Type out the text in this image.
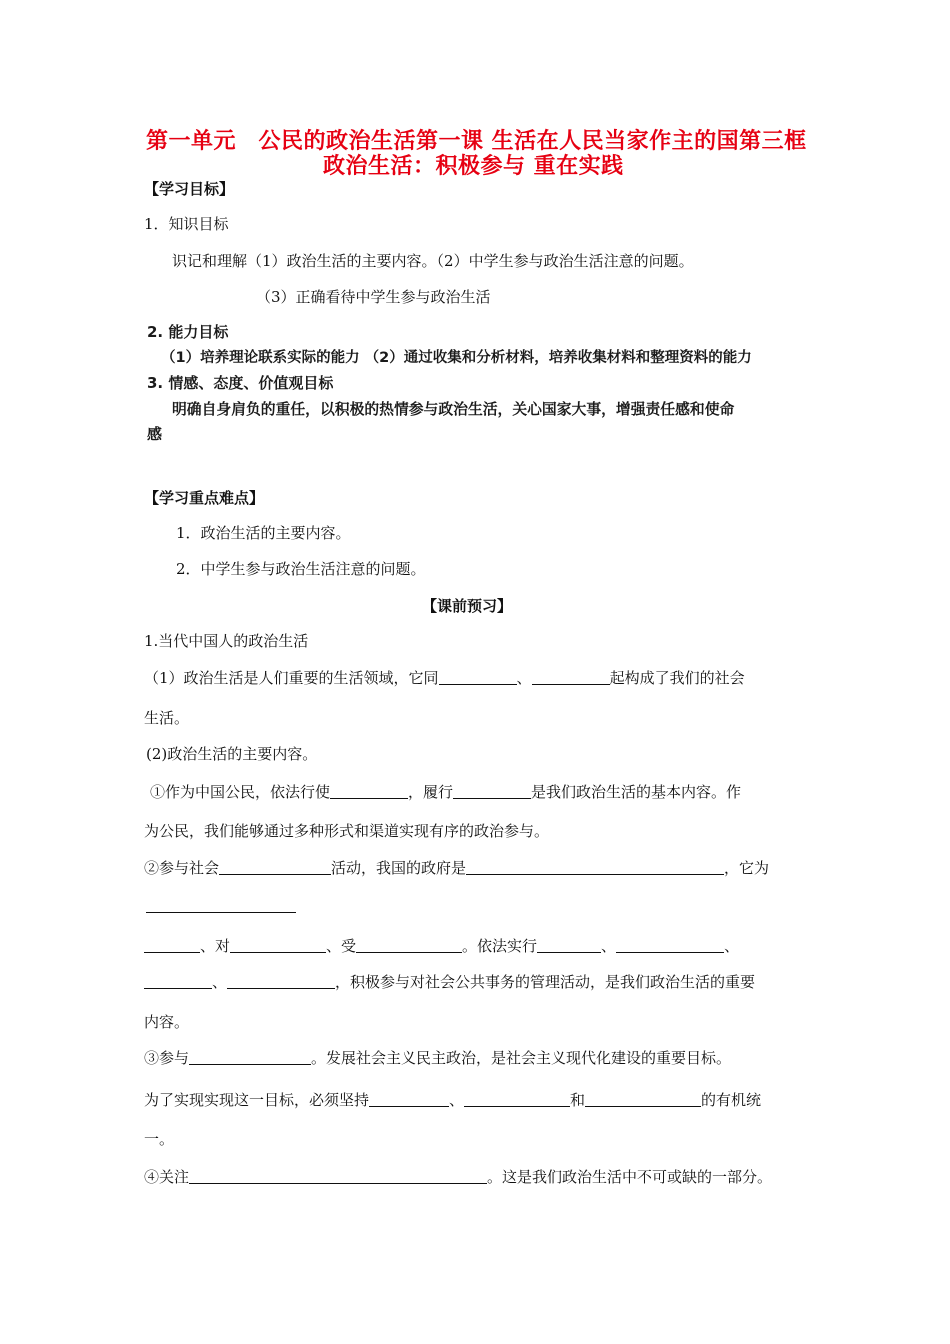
第一单元　公民的政治生活第一课 生活在人民当家作主的国第三框
政治生活：积极参与 重在实践
【学习目标】
1．知识目标
识记和理解（1）政治生活的主要内容。（2）中学生参与政治生活注意的问题。
（3）正确看待中学生参与政治生活
2. 能力目标
（1）培养理论联系实际的能力 （2）通过收集和分析材料，培养收集材料和整理资料的能力
3. 情感、态度、价值观目标
明确自身肩负的重任，以积极的热情参与政治生活，关心国家大事，增强责任感和使命
感
【学习重点难点】
1．政治生活的主要内容。
2．中学生参与政治生活注意的问题。
【课前预习】
1.当代中国人的政治生活
（1）政治生活是人们重要的生活领域，它同	、	起构成了我们的社会
生活。
(2)政治生活的主要内容。
①作为中国公民，依法行使	，履行	是我们政治生活的基本内容。作
为公民，我们能够通过多种形式和渠道实现有序的政治参与。
②参与社会	活动，我国的政府是	，它为
、对	、受	。依法实行	、	、
、	，积极参与对社会公共事务的管理活动，是我们政治生活的重要
内容。
③参与	。发展社会主义民主政治，是社会主义现代化建设的重要目标。
为了实现实现这一目标，必须坚持	、	和	的有机统
一。
④关注	。这是我们政治生活中不可或缺的一部分。
